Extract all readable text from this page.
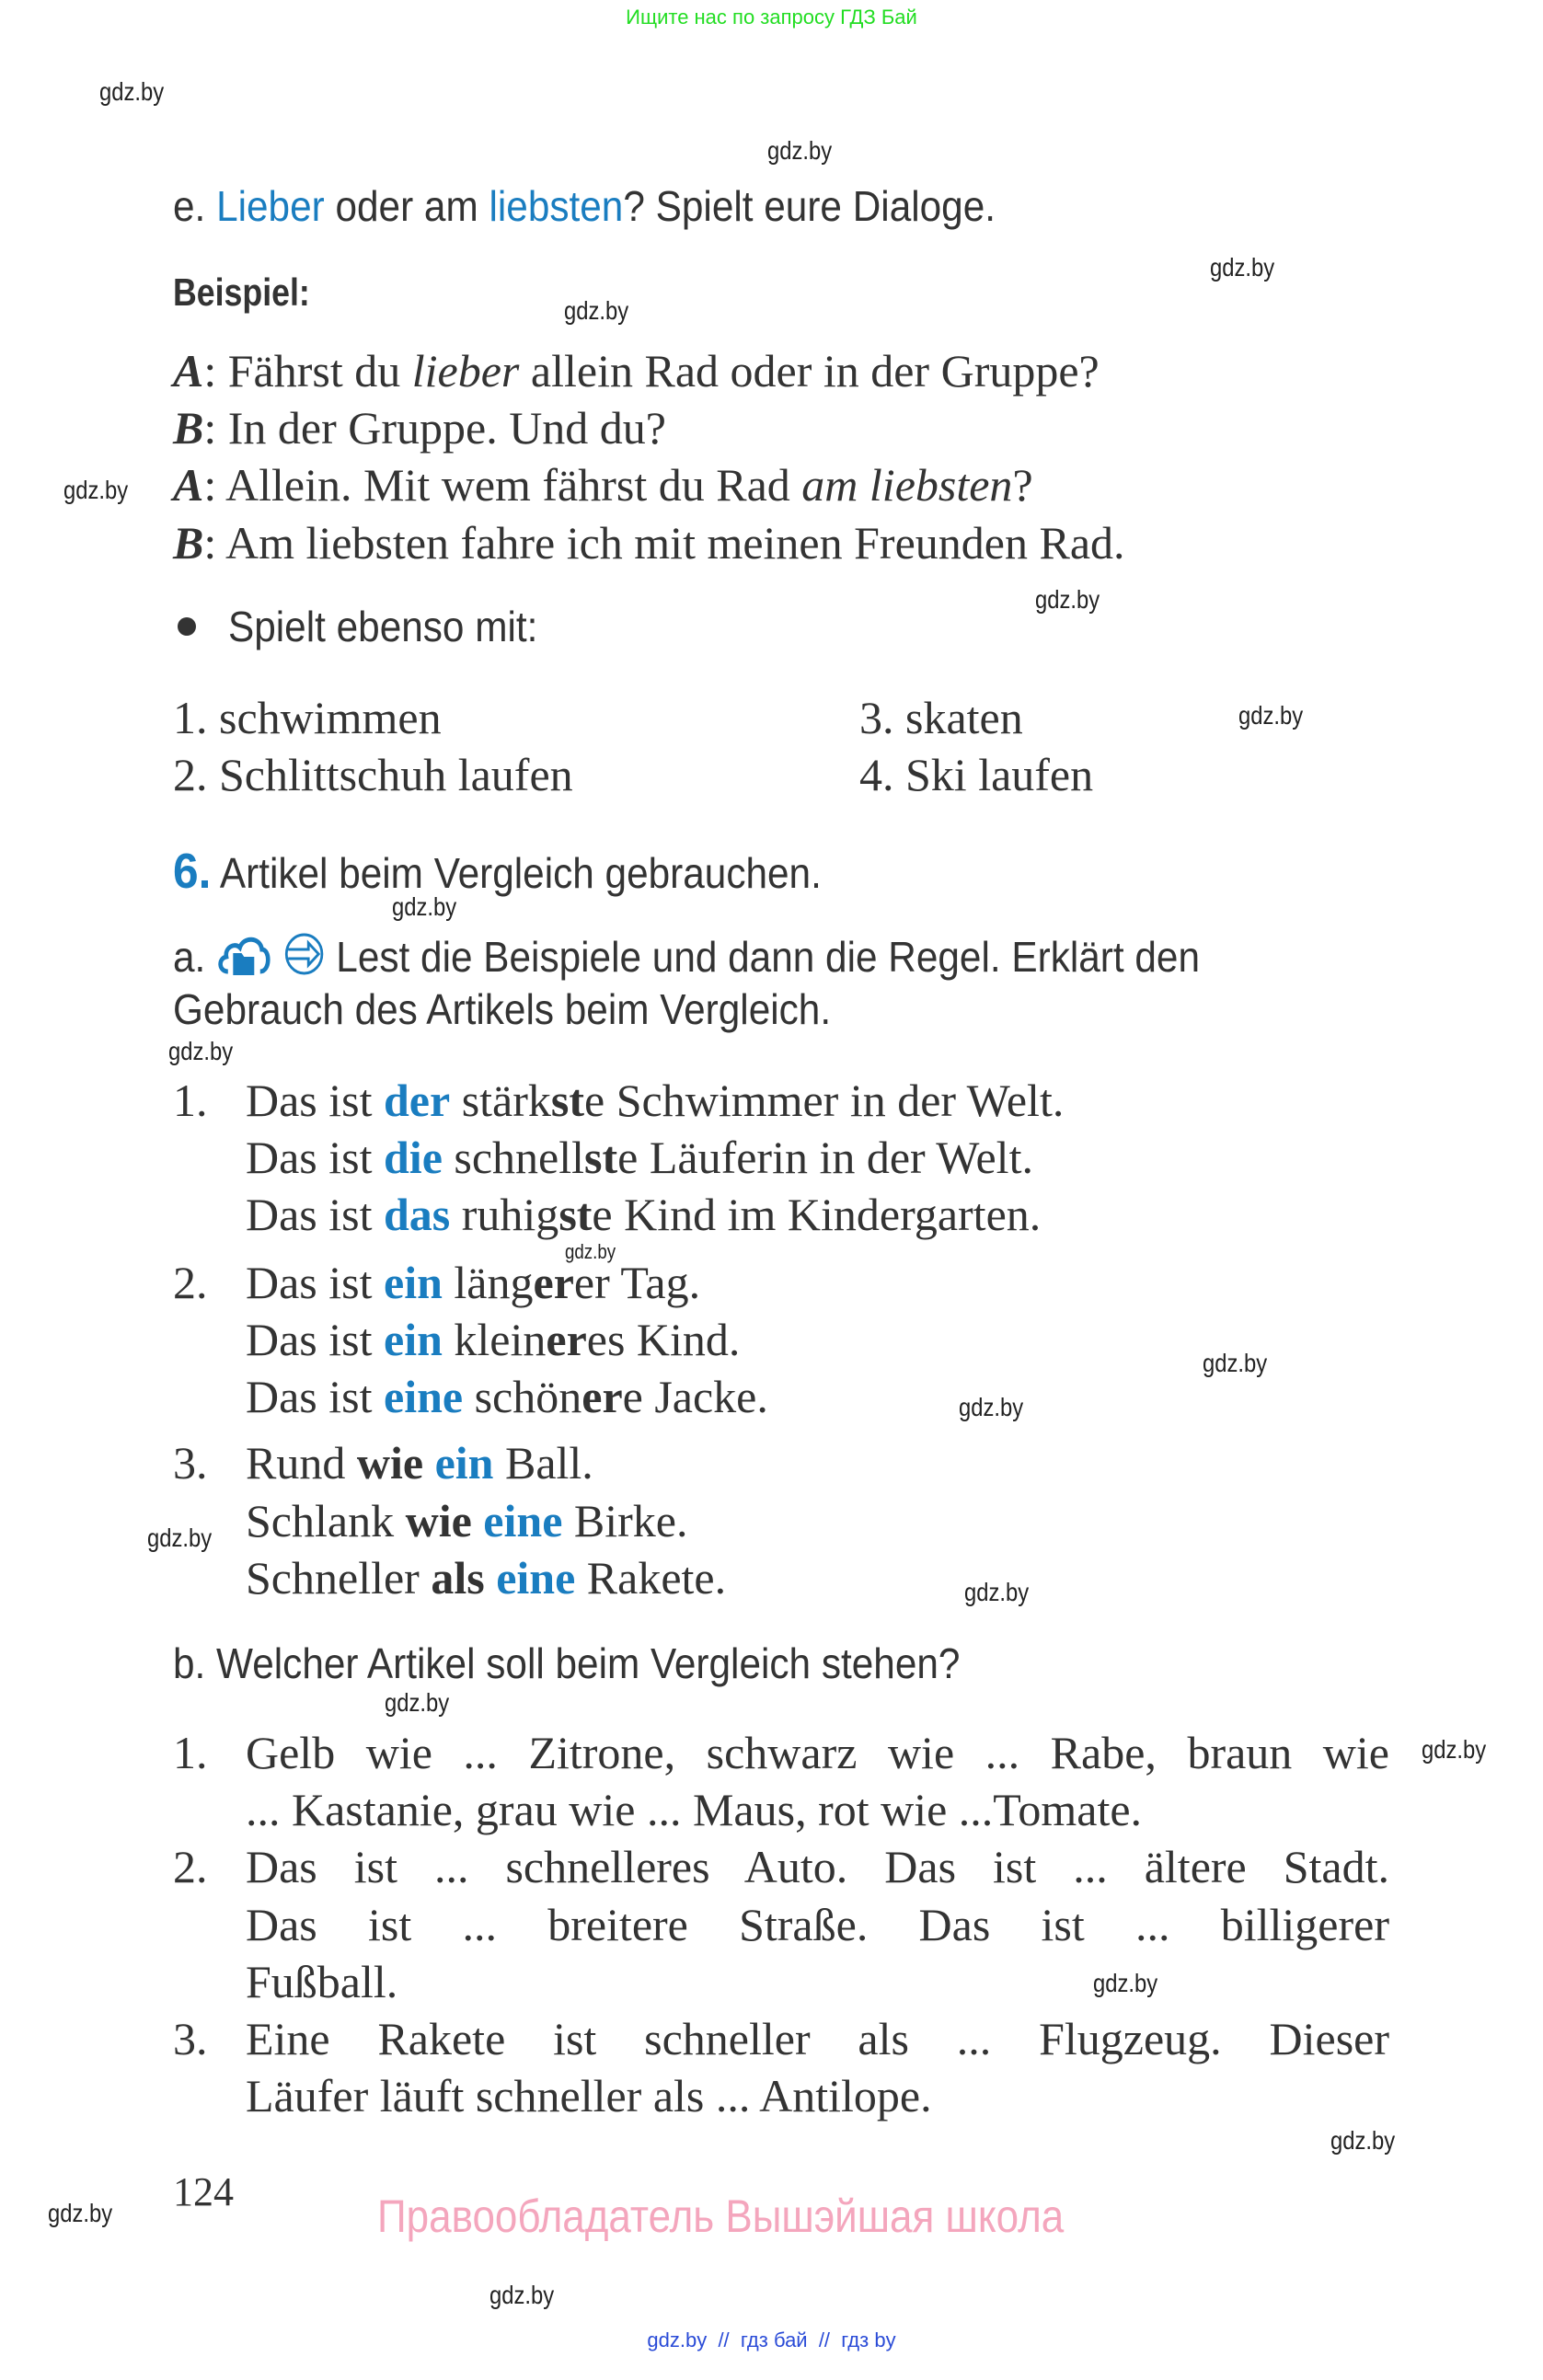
Ищите нас по запросу ГДЗ Бай
gdz.by
gdz.by
gdz.by
gdz.by
gdz.by
gdz.by
gdz.by
gdz.by
gdz.by
gdz.by
gdz.by
gdz.by
gdz.by
gdz.by
gdz.by
gdz.by
gdz.by
gdz.by
gdz.by
gdz.by
e. Lieber oder am liebsten? Spielt eure Dialoge.
Beispiel:
A: Fährst du lieber allein Rad oder in der Gruppe?
B: In der Gruppe. Und du?
A: Allein. Mit wem fährst du Rad am liebsten?
B: Am liebsten fahre ich mit meinen Freunden Rad.
Spielt ebenso mit:
1. schwimmen
2. Schlittschuh laufen
3. skaten
4. Ski laufen
6. Artikel beim Vergleich gebrauchen.
a.	Lest die Beispiele und dann die Regel. Erklärt den
Gebrauch des Artikels beim Vergleich.
1. Das ist der stärkste Schwimmer in der Welt.
Das ist die schnellste Läuferin in der Welt.
Das ist das ruhigste Kind im Kindergarten.
2. Das ist ein längerer Tag.
Das ist ein kleineres Kind.
Das ist eine schönere Jacke.
3. Rund wie ein Ball.
Schlank wie eine Birke.
Schneller als eine Rakete.
b. Welcher Artikel soll beim Vergleich stehen?
1. Gelb wie ... Zitrone, schwarz wie ... Rabe, braun wie
... Kastanie, grau wie ... Maus, rot wie ...Tomate.
2. Das ist ... schnelleres Auto. Das ist ... ältere Stadt.
Das ist ... breitere Straße. Das ist ... billigerer
Fußball.
3. Eine Rakete ist schneller als ... Flugzeug. Dieser
Läufer läuft schneller als ... Antilope.
124	Правообладатель Вышэйшая школа
gdz.by  //  гдз бай  //  гдз by
